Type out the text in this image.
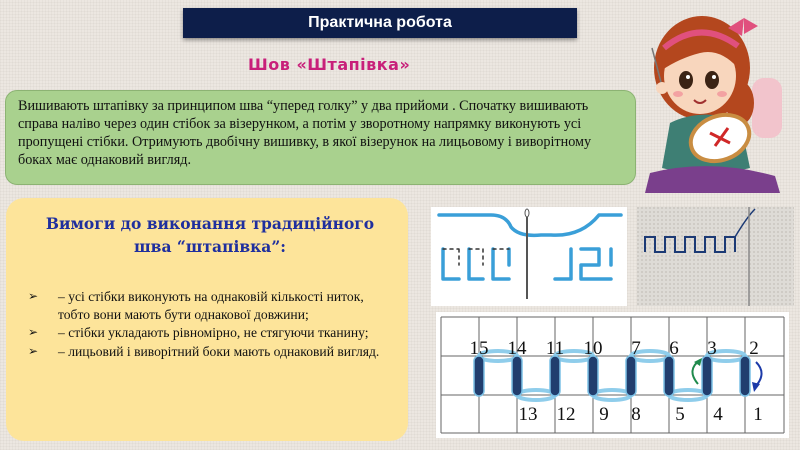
Практична робота
Шов «Штапівка»
Вишивають штапівку за принципом шва “уперед голку” у два прийоми . Спочатку вишивають справа наліво через один стібок за візерунком, а потім у зворотному напрямку виконують усі пропущені стібки. Отримують двобічну вишивку, в якої візерунок на лицьовому і виворітному боках має однаковий вигляд.
Вимоги до виконання традиційного шва “штапівка”:
➢ – усі стібки виконують на однаковій кількості ниток, тобто вони мають бути однакової довжини;
➢ – стібки укладають рівномірно, не стягуючи тканину;
➢ – лицьовий і виворітний боки мають однаковий вигляд.	15 14 11 10 7 6 3 2
13 12 9 8 5 4 1
